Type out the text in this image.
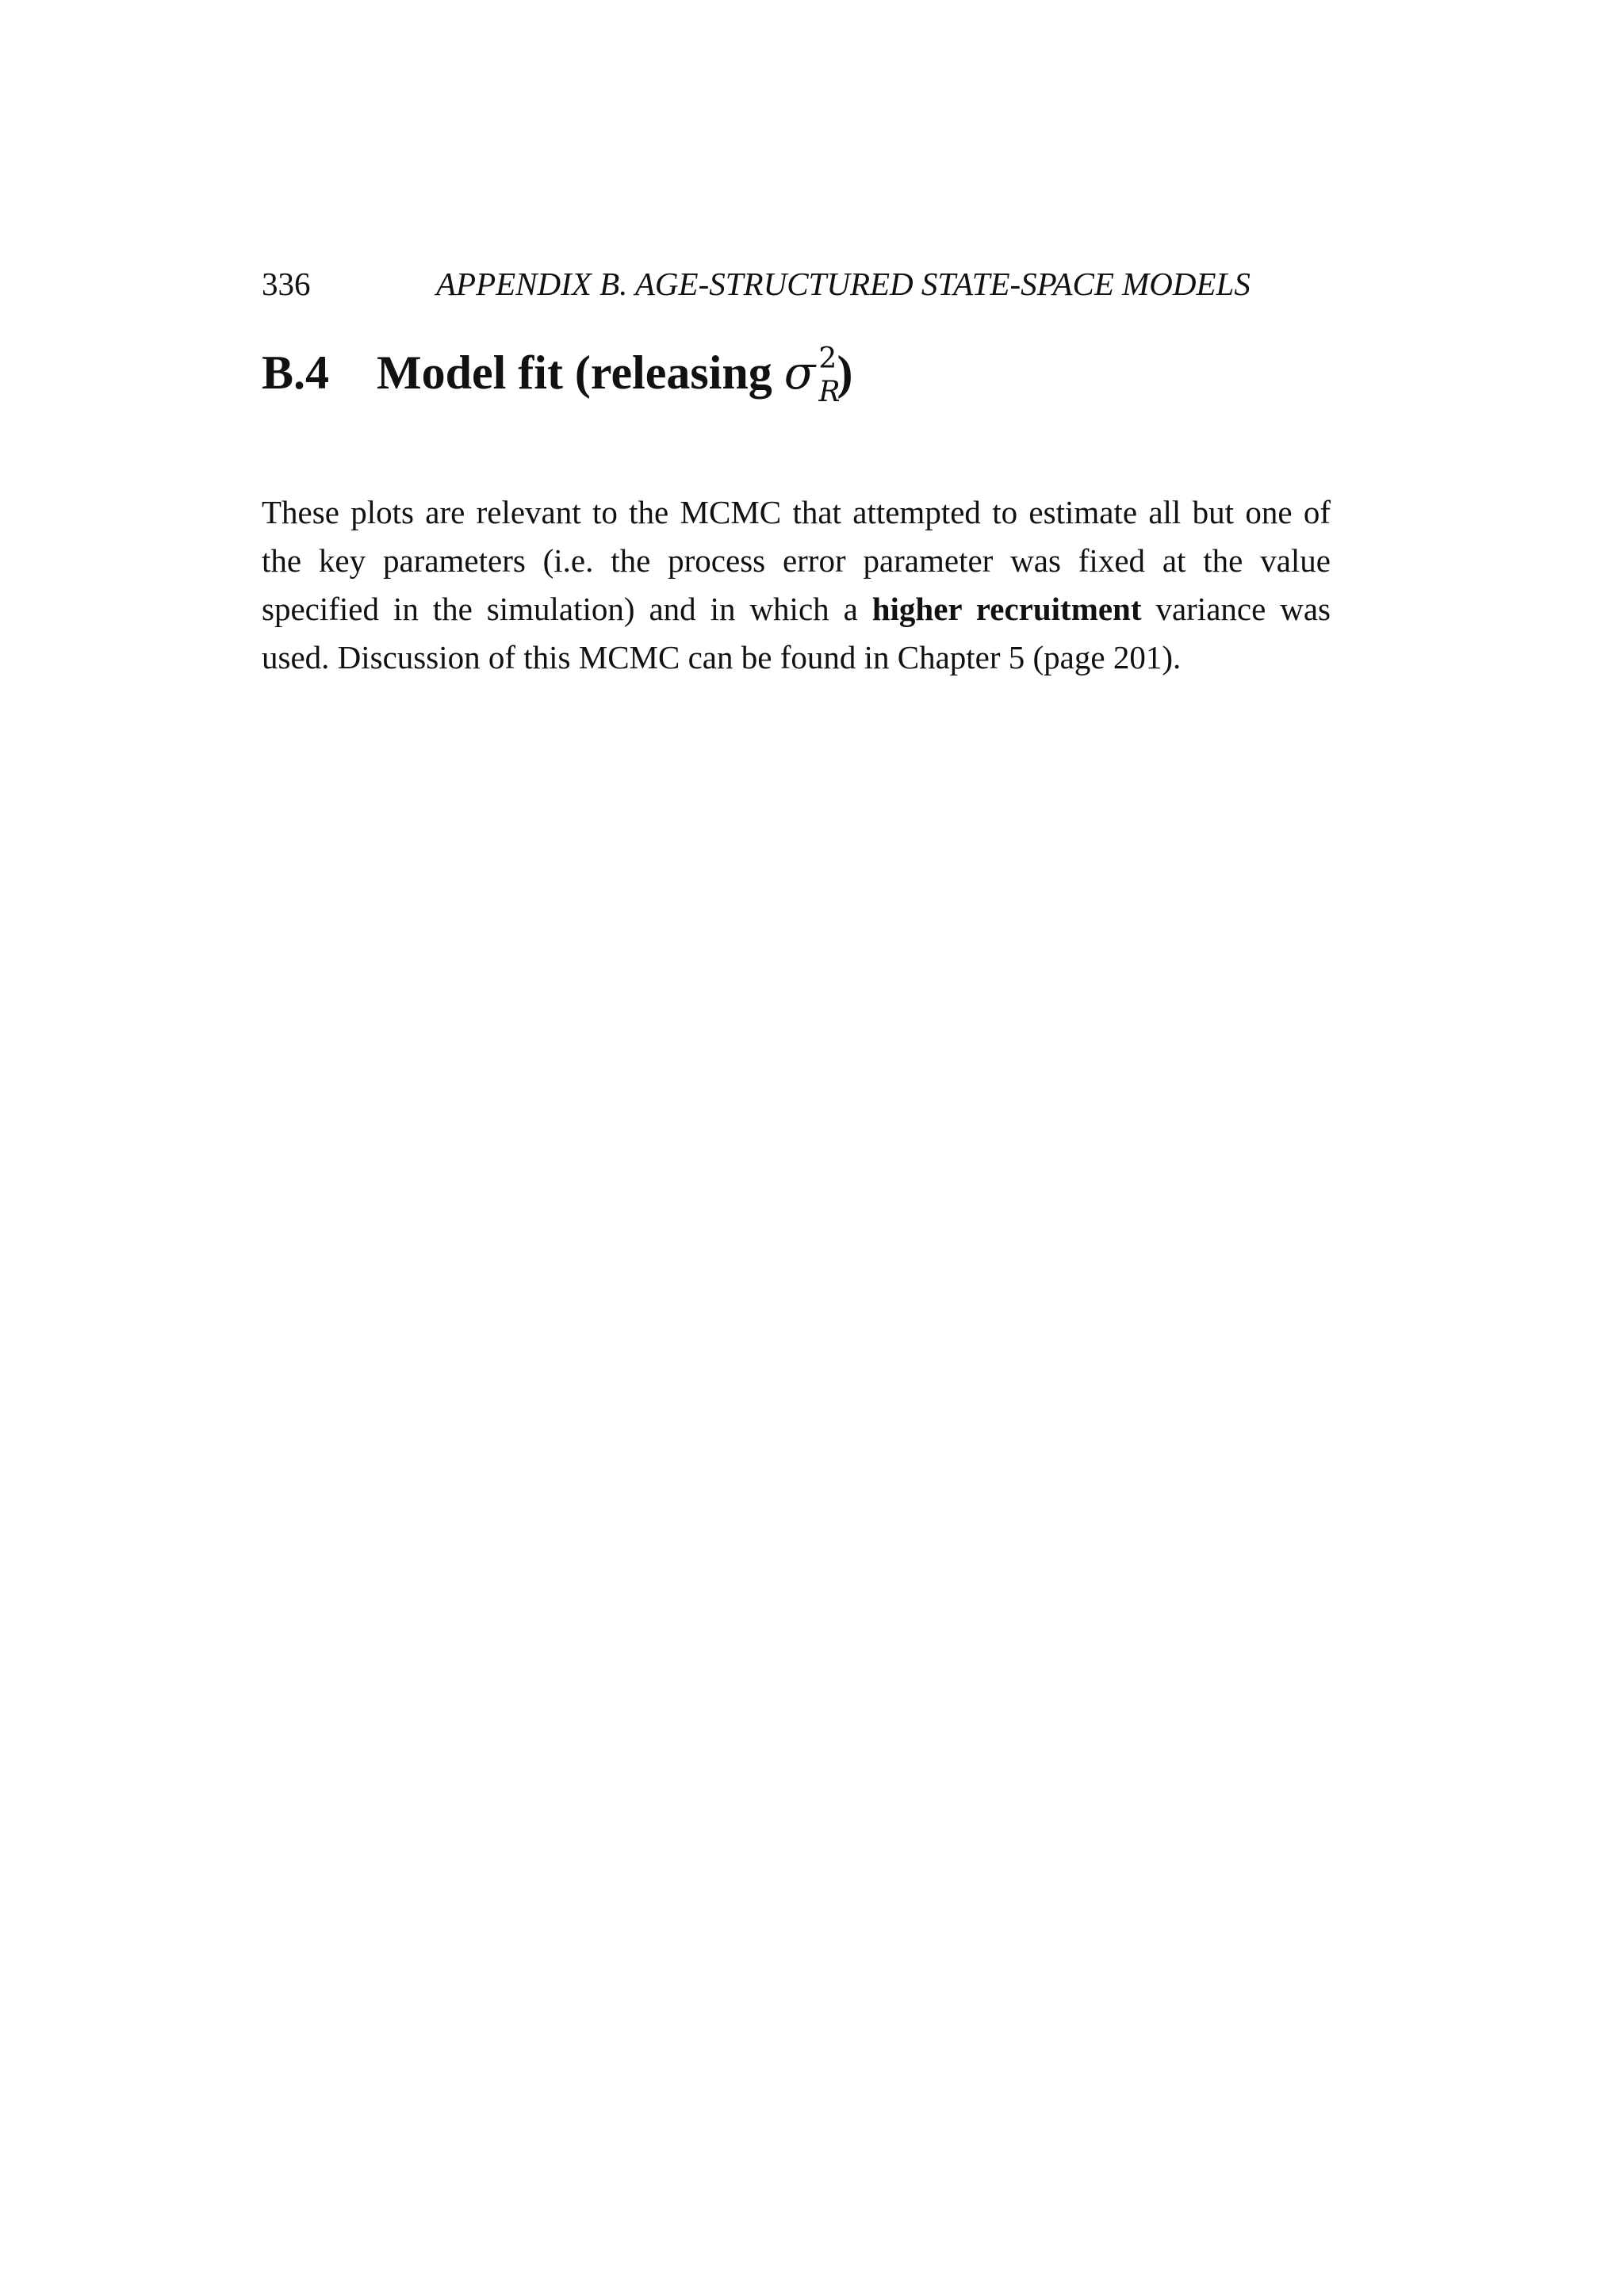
336	APPENDIX B. AGE-STRUCTURED STATE-SPACE MODELS
B.4 Model fit (releasing σ 2R)

These plots are relevant to the MCMC that attempted to estimate all but one of the key parameters (i.e. the process error parameter was fixed at the value specified in the simulation) and in which a higher recruitment variance was used. Discussion of this MCMC can be found in Chapter 5 (page 201).
